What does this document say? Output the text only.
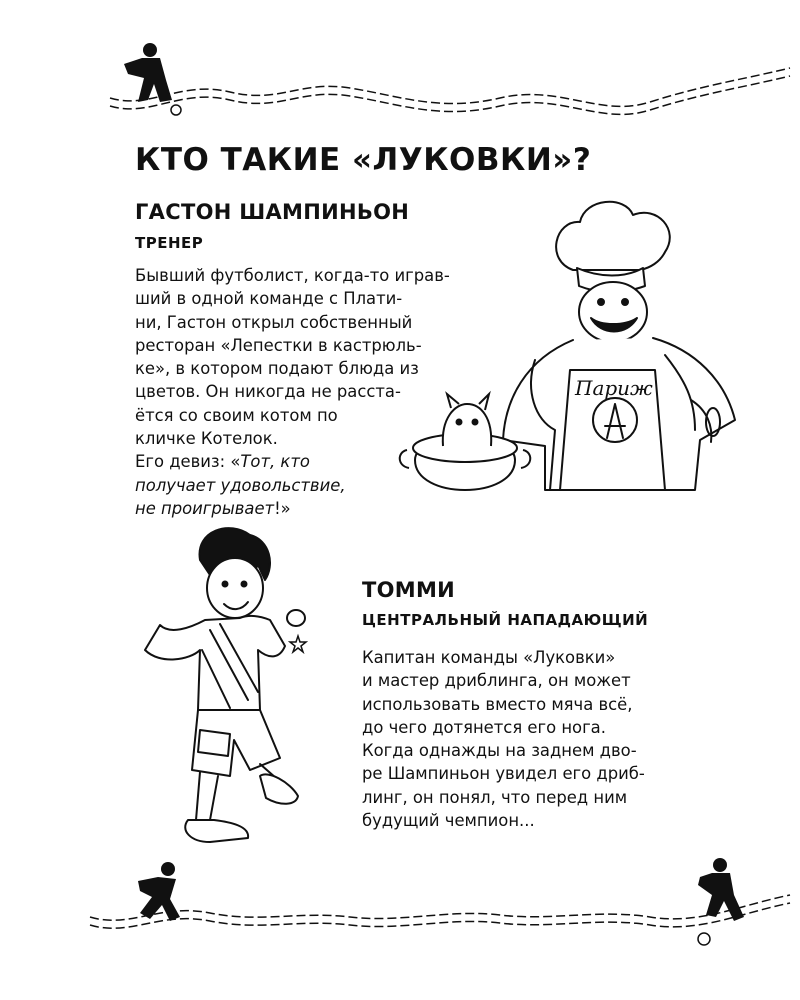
КТО ТАКИЕ «ЛУКОВКИ»?
ГАСТОН ШАМПИНЬОН
ТРЕНЕР

Бывший футболист, когда-то играв-
ший в одной команде с Плати-
ни, Гастон открыл собственный
ресторан «Лепестки в кастрюль-
ке», в котором подают блюда из
цветов. Он никогда не расста-
ётся со своим котом по
кличке Котелок.
Его девиз: «Тот, кто
получает удовольствие,
не проигрывает!»

Париж
ТОММИ
ЦЕНТРАЛЬНЫЙ НАПАДАЮЩИЙ

Капитан команды «Луковки»
и мастер дриблинга, он может
использовать вместо мяча всё,
до чего дотянется его нога.
Когда однажды на заднем дво-
ре Шампиньон увидел его дриб-
линг, он понял, что перед ним
будущий чемпион...
